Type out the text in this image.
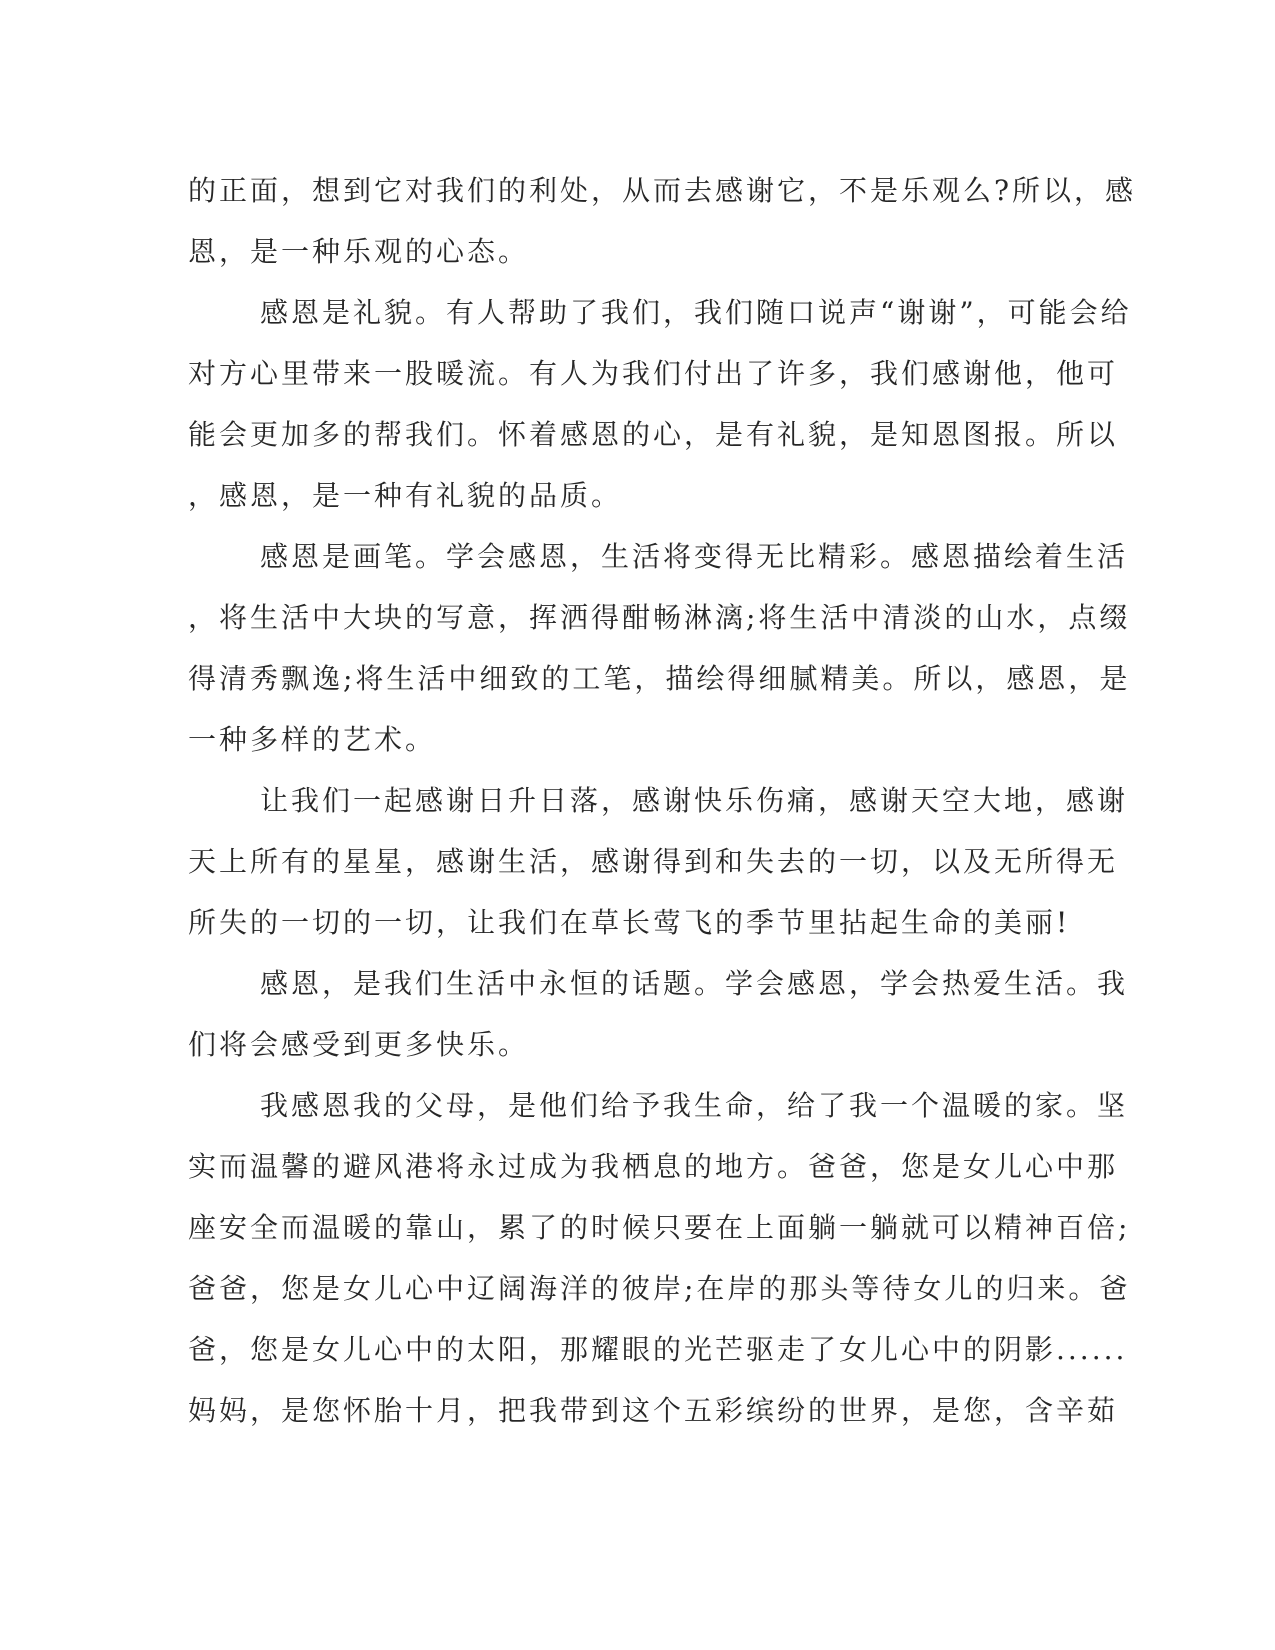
的正面，想到它对我们的利处，从而去感谢它，不是乐观么?所以，感
恩，是一种乐观的心态。
感恩是礼貌。有人帮助了我们，我们随口说声“谢谢”，可能会给
对方心里带来一股暖流。有人为我们付出了许多，我们感谢他，他可
能会更加多的帮我们。怀着感恩的心，是有礼貌，是知恩图报。所以
，感恩，是一种有礼貌的品质。
感恩是画笔。学会感恩，生活将变得无比精彩。感恩描绘着生活
，将生活中大块的写意，挥洒得酣畅淋漓;将生活中清淡的山水，点缀
得清秀飘逸;将生活中细致的工笔，描绘得细腻精美。所以，感恩，是
一种多样的艺术。
让我们一起感谢日升日落，感谢快乐伤痛，感谢天空大地，感谢
天上所有的星星，感谢生活，感谢得到和失去的一切，以及无所得无
所失的一切的一切，让我们在草长莺飞的季节里拈起生命的美丽!
感恩，是我们生活中永恒的话题。学会感恩，学会热爱生活。我
们将会感受到更多快乐。
我感恩我的父母，是他们给予我生命，给了我一个温暖的家。坚
实而温馨的避风港将永过成为我栖息的地方。爸爸，您是女儿心中那
座安全而温暖的靠山，累了的时候只要在上面躺一躺就可以精神百倍;
爸爸，您是女儿心中辽阔海洋的彼岸;在岸的那头等待女儿的归来。爸
爸，您是女儿心中的太阳，那耀眼的光芒驱走了女儿心中的阴影......
妈妈，是您怀胎十月，把我带到这个五彩缤纷的世界，是您，含辛茹
